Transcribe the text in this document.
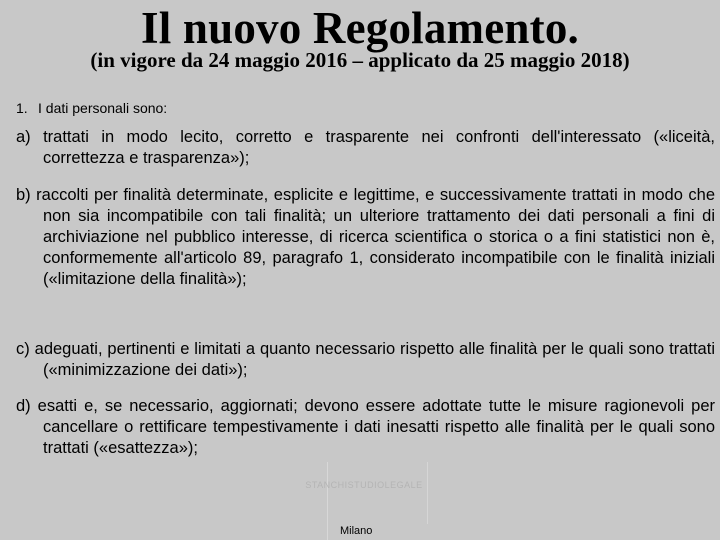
Il nuovo Regolamento.
(in vigore da 24 maggio 2016 – applicato da 25 maggio 2018)
1. I dati personali sono:
a) trattati in modo lecito, corretto e trasparente nei confronti dell'interessato («liceità, correttezza e trasparenza»);
b) raccolti per finalità determinate, esplicite e legittime, e successivamente trattati in modo che non sia incompatibile con tali finalità; un ulteriore trattamento dei dati personali a fini di archiviazione nel pubblico interesse, di ricerca scientifica o storica o a fini statistici non è, conformemente all'articolo 89, paragrafo 1, considerato incompatibile con le finalità iniziali («limitazione della finalità»);
c) adeguati, pertinenti e limitati a quanto necessario rispetto alle finalità per le quali sono trattati («minimizzazione dei dati»);
d) esatti e, se necessario, aggiornati; devono essere adottate tutte le misure ragionevoli per cancellare o rettificare tempestivamente i dati inesatti rispetto alle finalità per le quali sono trattati («esattezza»);
STANCHISTUDIOLEGALE
Milano
